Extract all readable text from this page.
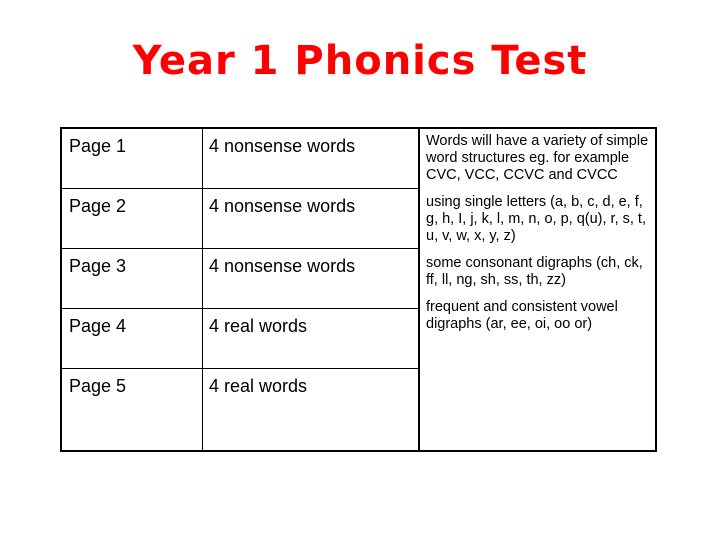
Year 1 Phonics Test
Page 1	4 nonsense words
Page 2	4 nonsense words
Page 3	4 nonsense words
Page 4	4 real words
Page 5	4 real words

Words will have a variety of simple word structures eg. for example CVC, VCC, CCVC and CVCC

using single letters (a, b, c, d, e, f, g, h, I, j, k, l, m, n, o, p, q(u), r, s, t, u, v, w, x, y, z)

some consonant digraphs (ch, ck, ff, ll, ng, sh, ss, th, zz)

frequent and consistent vowel digraphs (ar, ee, oi, oo or)
